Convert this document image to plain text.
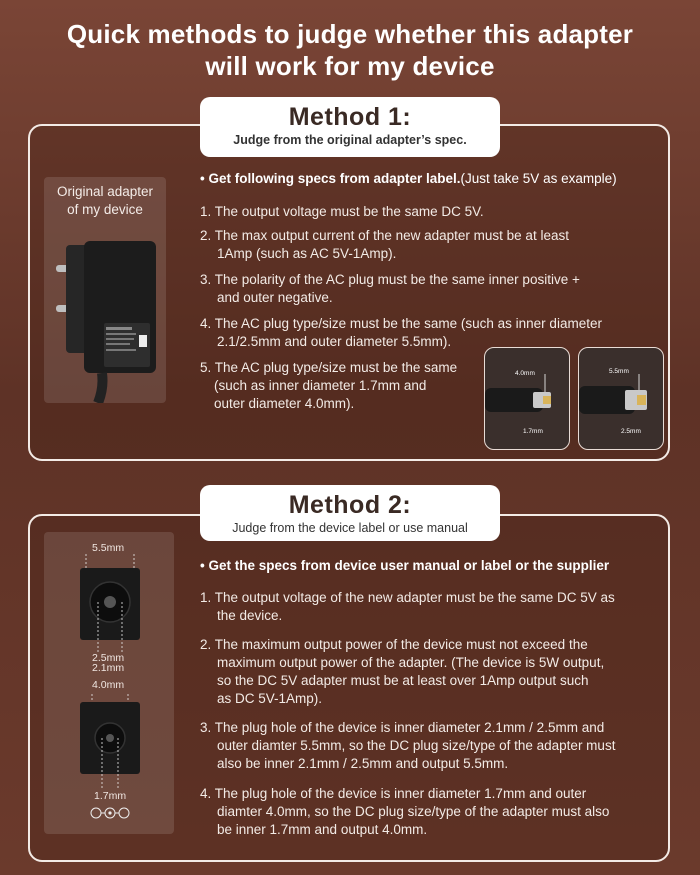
Quick methods to judge whether this adapter
will work for my device
Method 1:
Judge from the original adapter’s spec.
Original adapter
of my device
• Get following specs from adapter label.(Just take 5V as example)
1. The output voltage must be the same DC 5V.
2. The max output current of the new adapter must be at least
1Amp (such as AC 5V-1Amp).
3. The polarity of the AC plug must be the same inner positive +
and outer negative.
4. The AC plug type/size must be the same (such as inner diameter
2.1/2.5mm and outer diameter 5.5mm).
5. The AC plug type/size must be the same
(such as inner diameter 1.7mm and
outer diameter 4.0mm).
4.0mm
1.7mm
5.5mm
2.5mm
Method 2:
Judge from the device label or use manual
5.5mm
2.5mm
2.1mm
4.0mm
1.7mm
• Get the specs from device user manual or label or the supplier
1. The output voltage of the new adapter must be the same DC 5V as
the device.
2. The maximum output power of the device must not exceed the
maximum output power of the adapter. (The device is 5W output,
so the DC 5V adapter must be at least over 1Amp output such
as DC 5V-1Amp).
3. The plug hole of the device is inner diameter 2.1mm / 2.5mm and
outer diamter 5.5mm, so the DC plug size/type of the adapter must
also be inner 2.1mm / 2.5mm and output 5.5mm.
4. The plug hole of the device is inner diameter 1.7mm and outer
diamter 4.0mm, so the DC plug size/type of the adapter must also
be inner 1.7mm and output 4.0mm.
